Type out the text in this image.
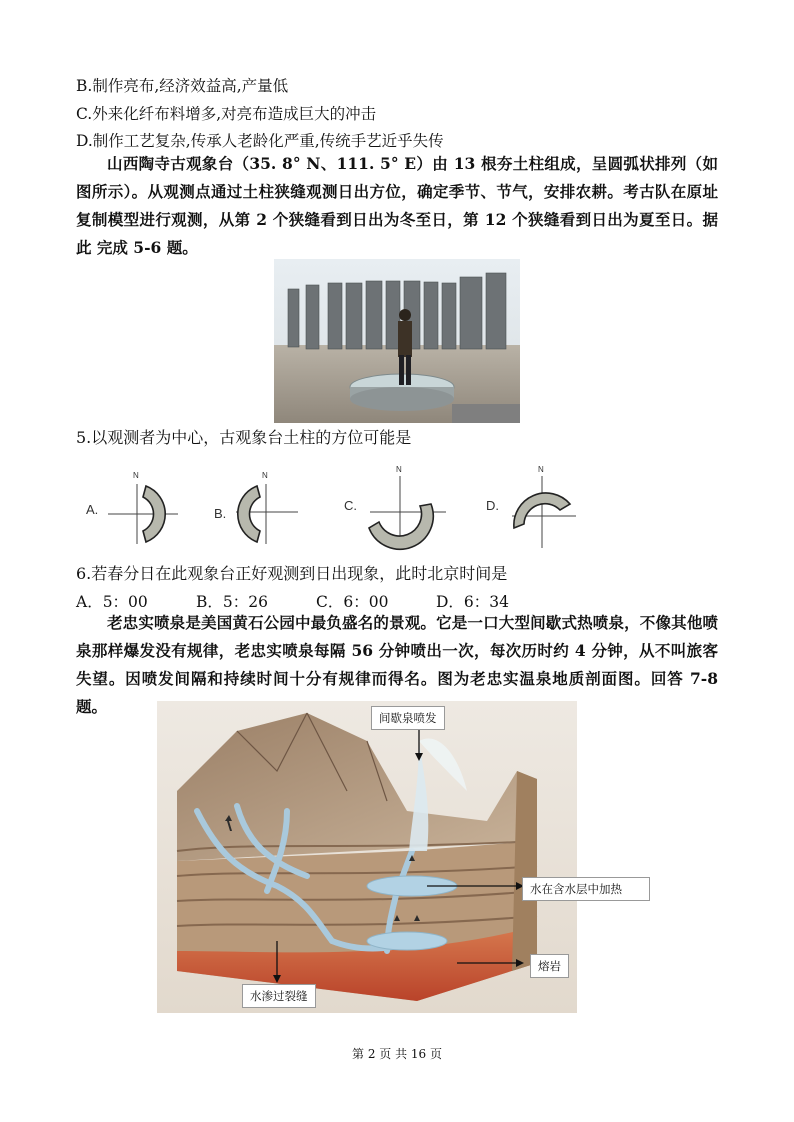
B.制作亮布,经济效益高,产量低
C.外来化纤布料增多,对亮布造成巨大的冲击
D.制作工艺复杂,传承人老龄化严重,传统手艺近乎失传
山西陶寺古观象台（35. 8° N、111. 5° E）由 13 根夯土柱组成，呈圆弧状排列（如图所示）。从观测点通过土柱狭缝观测日出方位，确定季节、节气，安排农耕。考古队在原址复制模型进行观测，从第 2 个狭缝看到日出为冬至日，第 12 个狭缝看到日出为夏至日。据此 完成 5-6 题。
5.以观测者为中心，古观象台土柱的方位可能是
A.
N
B.
N
C.
N
D.
N
6.若春分日在此观象台正好观测到日出现象，此时北京时间是
A．5：00	B．5：26	C．6：00	D．6：34
老忠实喷泉是美国黄石公园中最负盛名的景观。它是一口大型间歇式热喷泉，不像其他喷泉那样爆发没有规律，老忠实喷泉每隔 56 分钟喷出一次，每次历时约 4 分钟，从不叫旅客失望。因喷发间隔和持续时间十分有规律而得名。图为老忠实温泉地质剖面图。回答 7-8 题。
间歇泉喷发
水渗过裂缝
水在含水层中加热
熔岩
第 2 页 共 16 页
